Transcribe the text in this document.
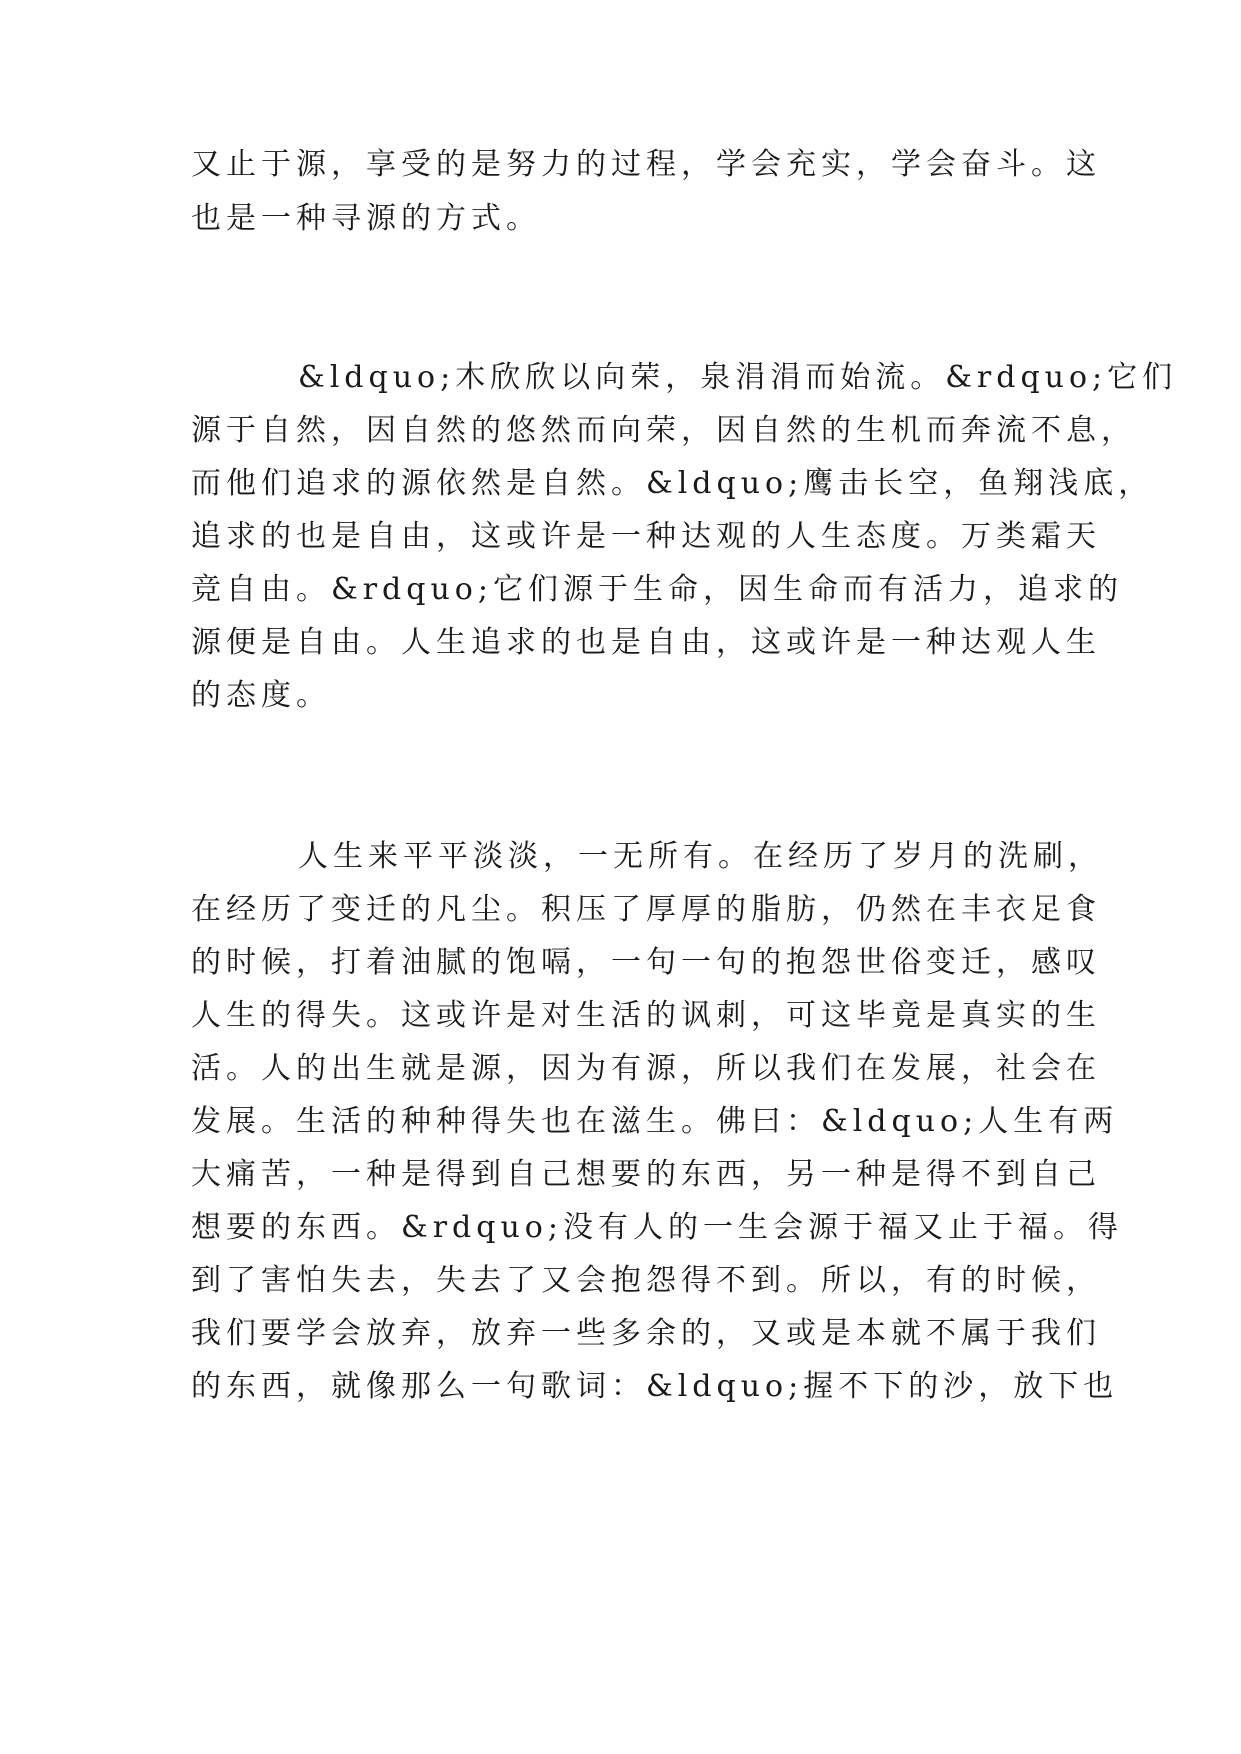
又止于源，享受的是努力的过程，学会充实，学会奋斗。这
也是一种寻源的方式。
&ldquo;木欣欣以向荣，泉涓涓而始流。&rdquo;它们
源于自然，因自然的悠然而向荣，因自然的生机而奔流不息，
而他们追求的源依然是自然。&ldquo;鹰击长空，鱼翔浅底，
追求的也是自由，这或许是一种达观的人生态度。万类霜天
竞自由。&rdquo;它们源于生命，因生命而有活力，追求的
源便是自由。人生追求的也是自由，这或许是一种达观人生
的态度。
人生来平平淡淡，一无所有。在经历了岁月的洗刷，
在经历了变迁的凡尘。积压了厚厚的脂肪，仍然在丰衣足食
的时候，打着油腻的饱嗝，一句一句的抱怨世俗变迁，感叹
人生的得失。这或许是对生活的讽刺，可这毕竟是真实的生
活。人的出生就是源，因为有源，所以我们在发展，社会在
发展。生活的种种得失也在滋生。佛曰：&ldquo;人生有两
大痛苦，一种是得到自己想要的东西，另一种是得不到自己
想要的东西。&rdquo;没有人的一生会源于福又止于福。得
到了害怕失去，失去了又会抱怨得不到。所以，有的时候，
我们要学会放弃，放弃一些多余的，又或是本就不属于我们
的东西，就像那么一句歌词：&ldquo;握不下的沙，放下也
